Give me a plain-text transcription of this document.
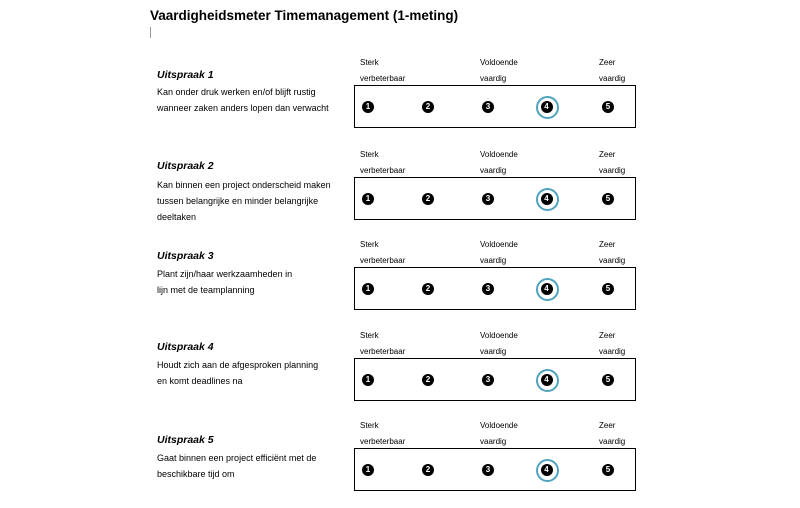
Vaardigheidsmeter Timemanagement (1-meting)
Uitspraak 1
Kan onder druk werken en/of blijft rustig
wanneer zaken anders lopen dan verwacht
Sterk
verbeterbaar
Voldoende
vaardig
Zeer
vaardig
1	2	3	4	5
Uitspraak 2
Kan binnen een project onderscheid maken
tussen belangrijke en minder belangrijke
deeltaken
Sterk
verbeterbaar
Voldoende
vaardig
Zeer
vaardig
1	2	3	4	5
Uitspraak 3
Plant zijn/haar werkzaamheden in
lijn met de teamplanning
Sterk
verbeterbaar
Voldoende
vaardig
Zeer
vaardig
1	2	3	4	5
Uitspraak 4
Houdt zich aan de afgesproken planning
en komt deadlines na
Sterk
verbeterbaar
Voldoende
vaardig
Zeer
vaardig
1	2	3	4	5
Uitspraak 5
Gaat binnen een project efficiënt met de
beschikbare tijd om
Sterk
verbeterbaar
Voldoende
vaardig
Zeer
vaardig
1	2	3	4	5
